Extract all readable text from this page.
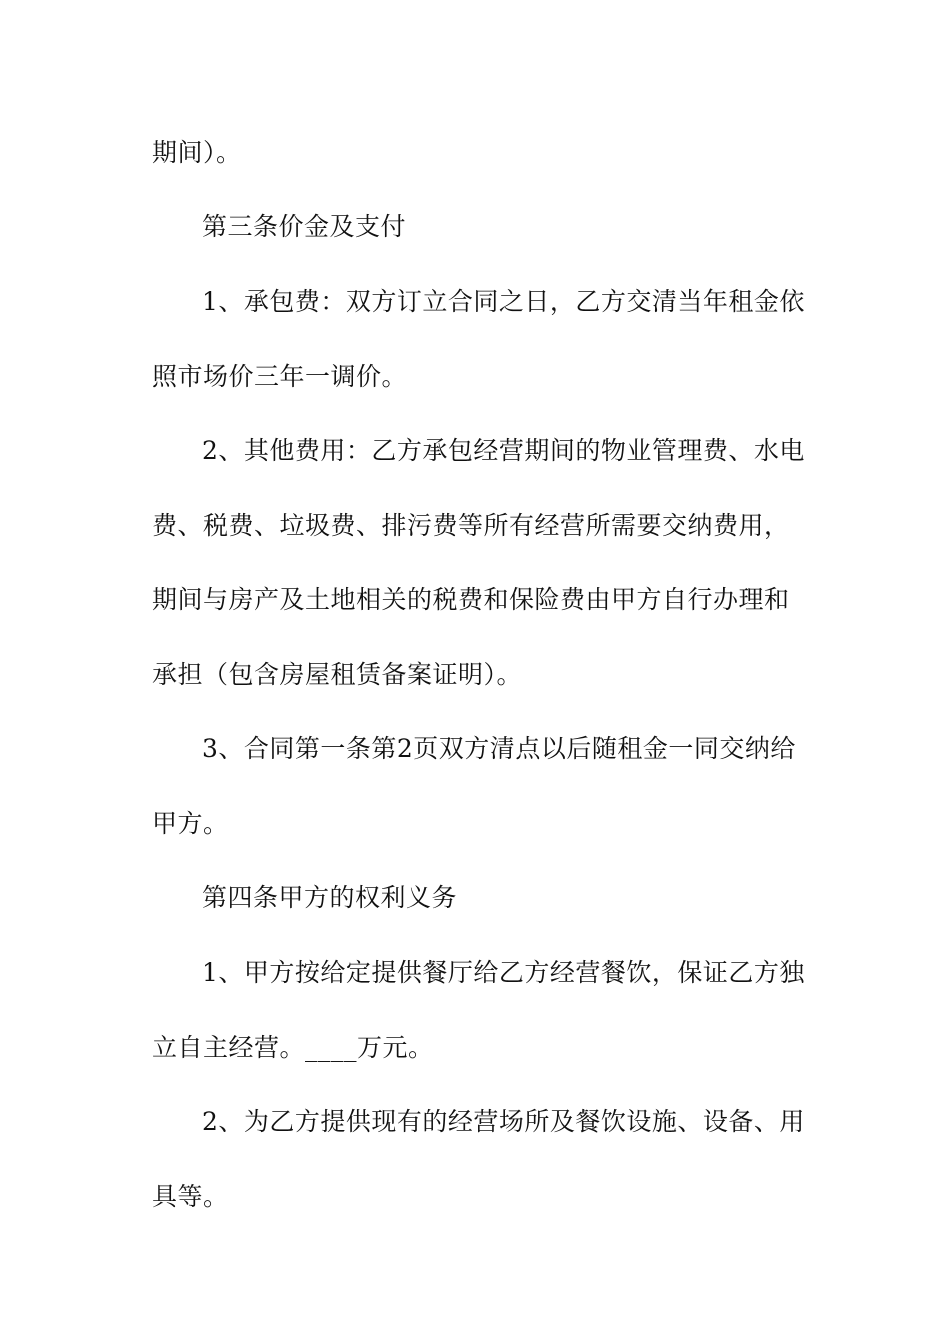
期间）。
第三条价金及支付
1、承包费：双方订立合同之日，乙方交清当年租金依
照市场价三年一调价。
2、其他费用：乙方承包经营期间的物业管理费、水电
费、税费、垃圾费、排污费等所有经营所需要交纳费用，
期间与房产及土地相关的税费和保险费由甲方自行办理和
承担（包含房屋租赁备案证明）。
3、合同第一条第2页双方清点以后随租金一同交纳给
甲方。
第四条甲方的权利义务
1、甲方按给定提供餐厅给乙方经营餐饮，保证乙方独
立自主经营。____万元。
2、为乙方提供现有的经营场所及餐饮设施、设备、用
具等。
